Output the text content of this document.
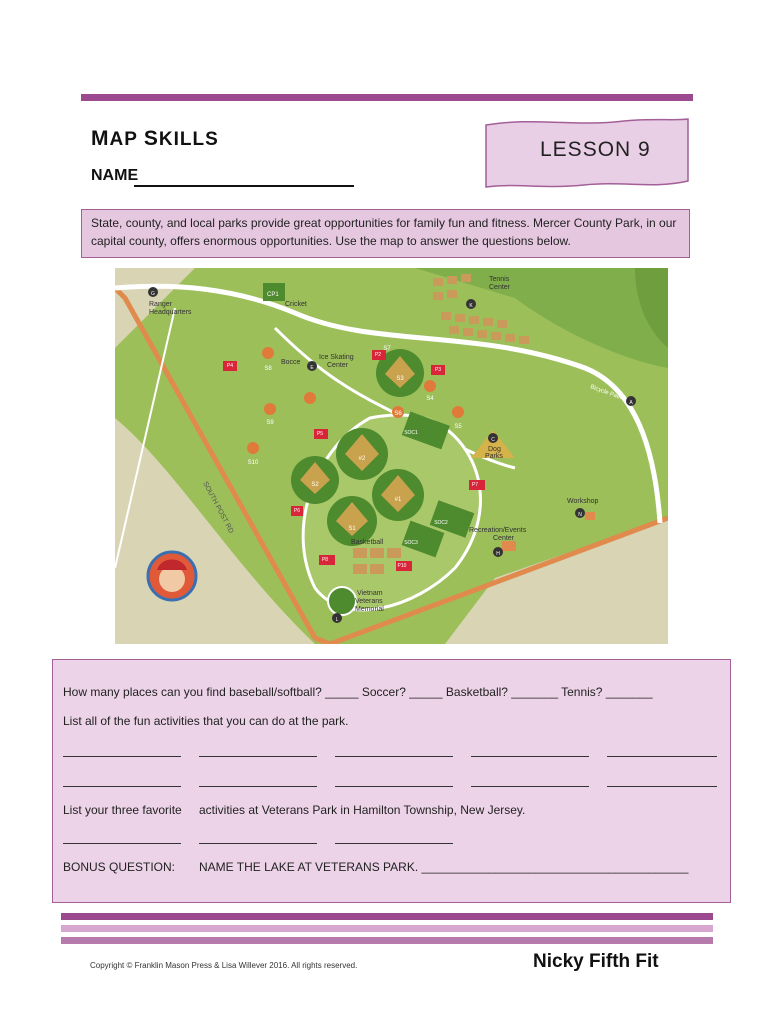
MAP SKILLS
NAME
LESSON 9
State, county, and local parks provide great opportunities for family fun and fitness. Mercer County Park, in our capital county, offers enormous opportunities. Use the map to answer the questions below.
Ranger
Headquarters
Cricket
CP1
Tennis
Center
Bocce
Ice Skating
Center
Bicycle Path
Dog
Parks
SOUTH POST RD	Workshop
Recreation/Events
Center
Basketball
Vietnam
Veterans
Memorial
S1
S2
S3
S4
S5
S6
S7
S8
S9
S10
#1
#2
SOC1
SOC2
SOC3
P2
P3
P4
P5
P6
P7
P8
P10
G
K
A
C
E
N
H
L
How many places can you find baseball/softball? _____ Soccer? _____ Basketball? _______ Tennis? _______
List all of the fun activities that you can do at the park.
List your three favorite activities at Veterans Park in Hamilton Township, New Jersey.
BONUS QUESTION: NAME THE LAKE AT VETERANS PARK. ________________________________________
Copyright © Franklin Mason Press & Lisa Willever 2016. All rights reserved.	Nicky Fifth Fit
